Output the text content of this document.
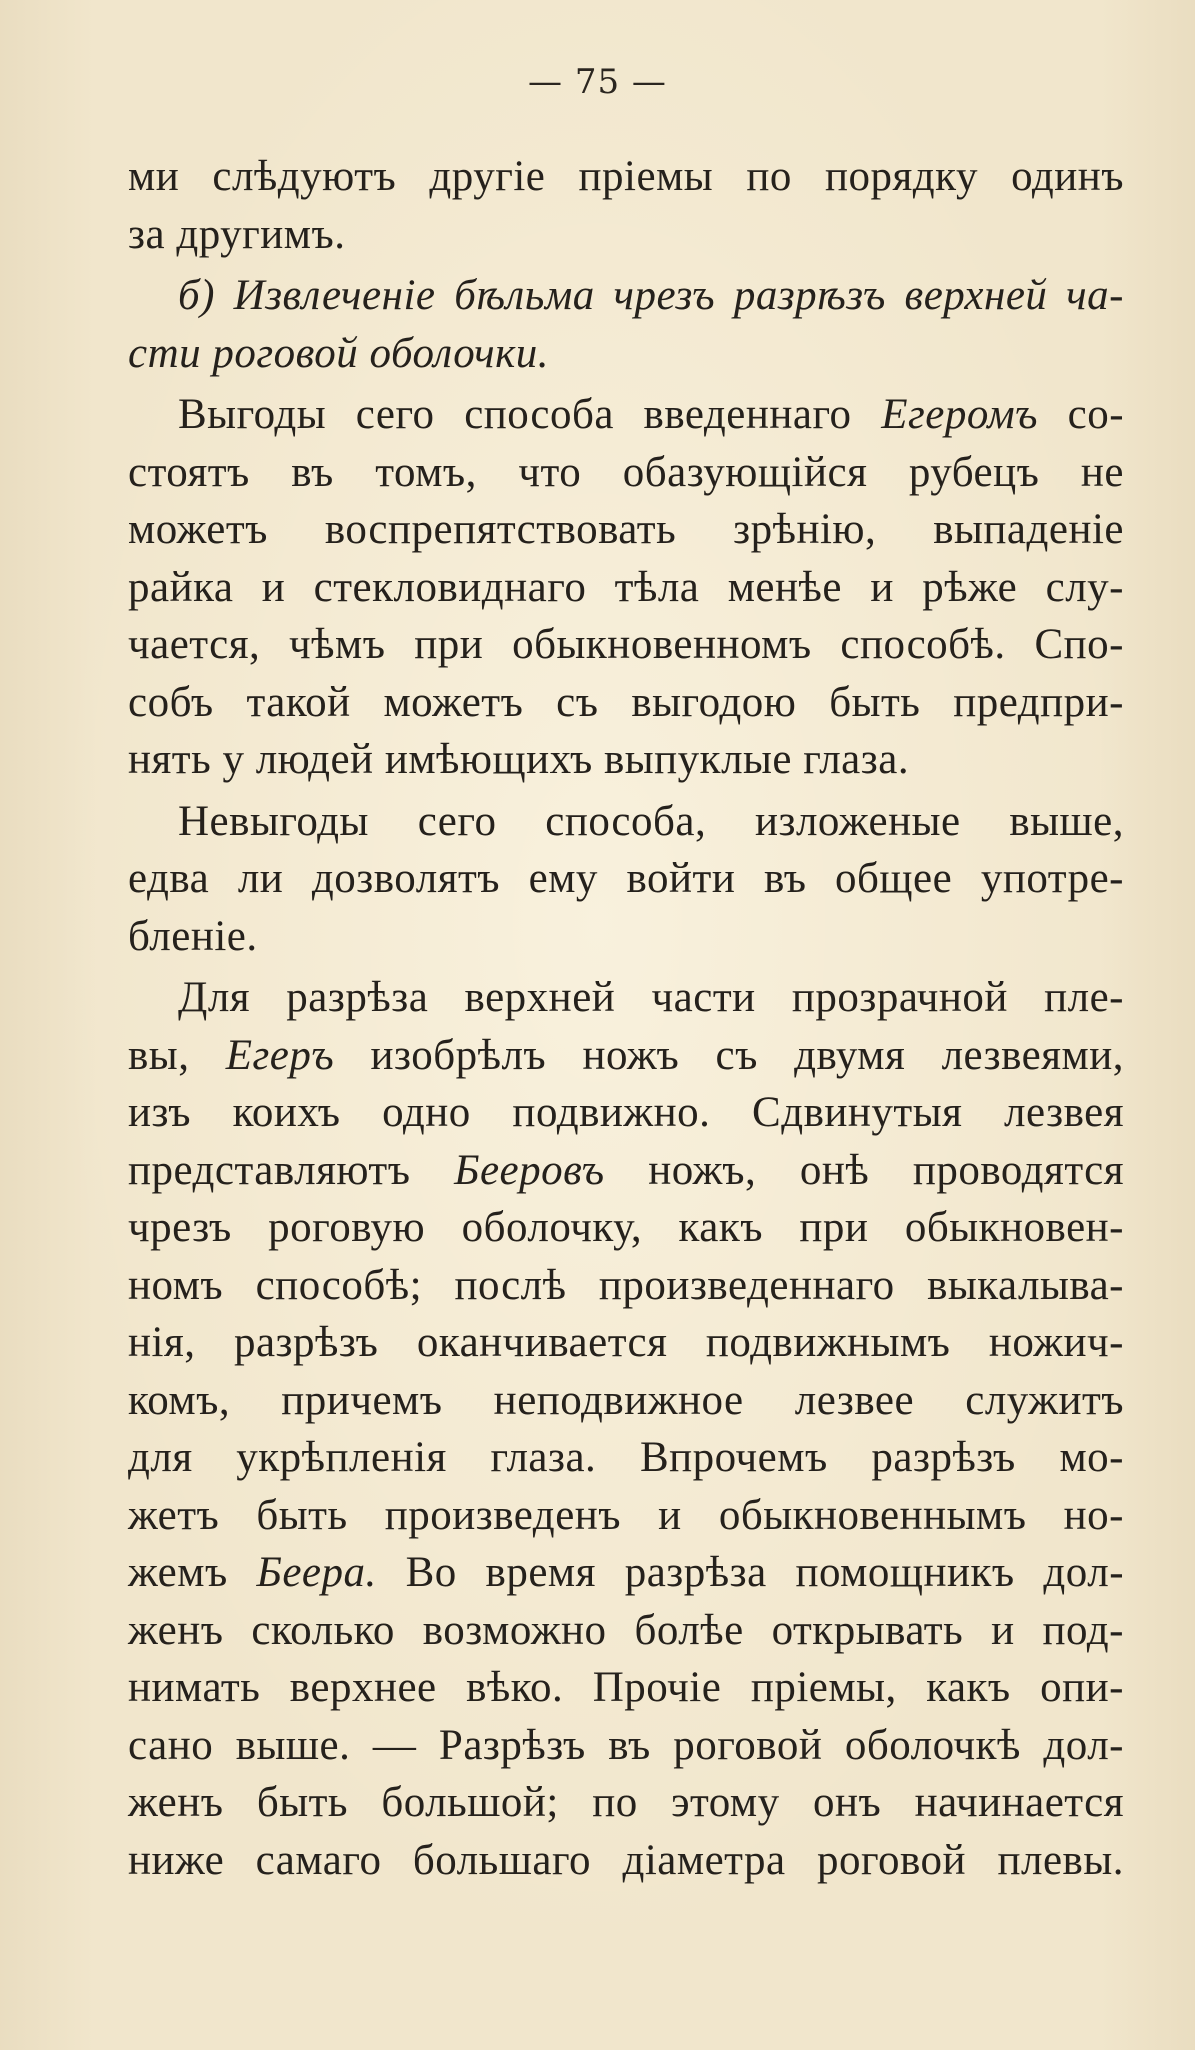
— 75 —
ми слѣдуютъ другіе пріемы по порядку одинъ
за другимъ.
б) Извлеченіе бѣльма чрезъ разрѣзъ верхней ча-
сти роговой оболочки.
Выгоды сего способа введеннаго Егеромъ со-
стоятъ въ томъ, что обазующійся рубецъ не
можетъ воспрепятствовать зрѣнію, выпаденіе
райка и стекловиднаго тѣла менѣе и рѣже слу-
чается, чѣмъ при обыкновенномъ способѣ. Спо-
собъ такой можетъ съ выгодою быть предпри-
нять у людей имѣющихъ выпуклые глаза.
Невыгоды сего способа, изложеные выше,
едва ли дозволятъ ему войти въ общее употре-
бленіе.
Для разрѣза верхней части прозрачной пле-
вы, Егеръ изобрѣлъ ножъ съ двумя лезвеями,
изъ коихъ одно подвижно. Сдвинутыя лезвея
представляютъ Бееровъ ножъ, онѣ проводятся
чрезъ роговую оболочку, какъ при обыкновен-
номъ способѣ; послѣ произведеннаго выкалыва-
нія, разрѣзъ оканчивается подвижнымъ ножич-
комъ, причемъ неподвижное лезвее служитъ
для укрѣпленія глаза. Впрочемъ разрѣзъ мо-
жетъ быть произведенъ и обыкновеннымъ но-
жемъ Беера. Во время разрѣза помощникъ дол-
женъ сколько возможно болѣе открывать и под-
нимать верхнее вѣко. Прочіе пріемы, какъ опи-
сано выше. — Разрѣзъ въ роговой оболочкѣ дол-
женъ быть большой; по этому онъ начинается
ниже самаго большаго діаметра роговой плевы.
